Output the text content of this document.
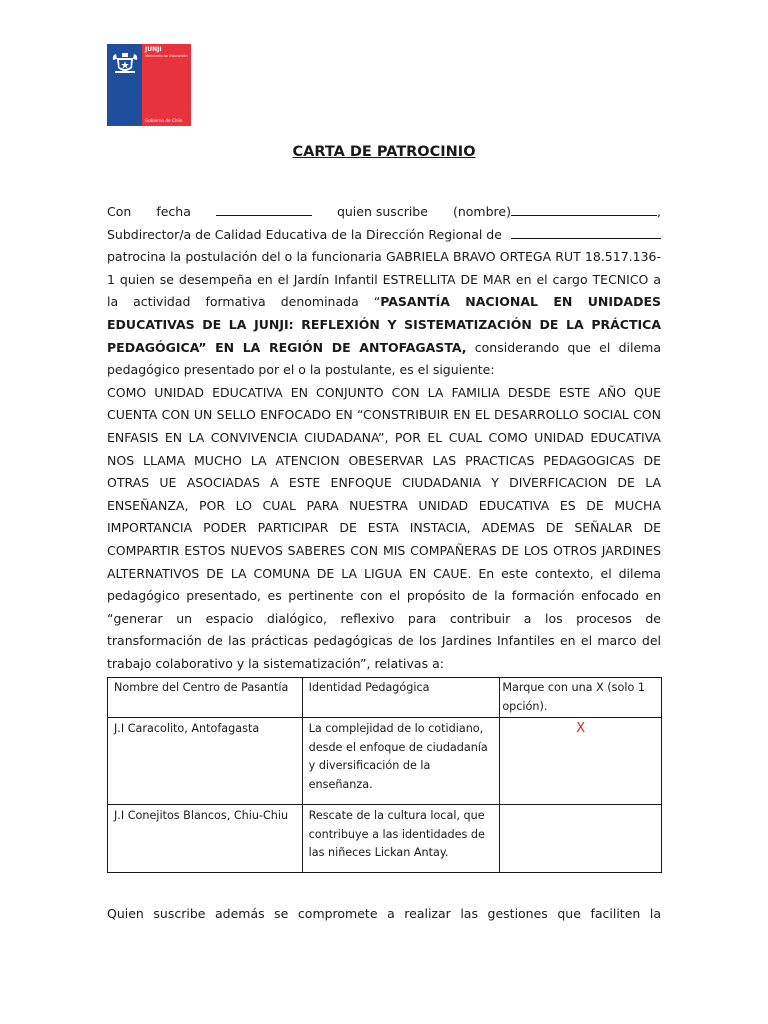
JUNJI
Ministerio de Educación
Gobierno de Chile
CARTA DE PATROCINIO

Con fecha	quien suscribe (nombre)	,

Subdirector/a de Calidad Educativa de la Dirección Regional de

patrocina la postulación del o la funcionaria GABRIELA BRAVO ORTEGA RUT 18.517.136-1 quien se desempeña en el Jardín Infantil ESTRELLITA DE MAR en el cargo TECNICO a la actividad formativa denominada “PASANTÍA NACIONAL EN UNIDADES EDUCATIVAS DE LA JUNJI: REFLEXIÓN Y SISTEMATIZACIÓN DE LA PRÁCTICA PEDAGÓGICA” EN LA REGIÓN DE ANTOFAGASTA, considerando que el dilema pedagógico presentado por el o la postulante, es el siguiente:

COMO UNIDAD EDUCATIVA EN CONJUNTO CON LA FAMILIA DESDE ESTE AÑO QUE CUENTA CON UN SELLO ENFOCADO EN “CONSTRIBUIR EN EL DESARROLLO SOCIAL CON ENFASIS EN LA CONVIVENCIA CIUDADANA”, POR EL CUAL COMO UNIDAD EDUCATIVA NOS LLAMA MUCHO LA ATENCION OBESERVAR LAS PRACTICAS PEDAGOGICAS DE OTRAS UE ASOCIADAS A ESTE ENFOQUE CIUDADANIA Y DIVERFICACION DE LA ENSEÑANZA, POR LO CUAL PARA NUESTRA UNIDAD EDUCATIVA ES DE MUCHA IMPORTANCIA PODER PARTICIPAR DE ESTA INSTACIA, ADEMAS DE SEÑALAR DE COMPARTIR ESTOS NUEVOS SABERES CON MIS COMPAÑERAS DE LOS OTROS JARDINES ALTERNATIVOS DE LA COMUNA DE LA LIGUA EN CAUE. En este contexto, el dilema pedagógico presentado, es pertinente con el propósito de la formación enfocado en “generar un espacio dialógico, reflexivo para contribuir a los procesos de transformación de las prácticas pedagógicas de los Jardines Infantiles en el marco del trabajo colaborativo y la sistematización”, relativas a:

Nombre del Centro de Pasantía	Identidad Pedagógica	Marque con una X (solo 1 opción).
J.I Caracolito, Antofagasta	La complejidad de lo cotidiano, desde el enfoque de ciudadanía y diversificación de la enseñanza.	X
J.I Conejitos Blancos, Chiu-Chiu	Rescate de la cultura local, que contribuye a las identidades de las niñeces Lickan Antay.	

Quien suscribe además se compromete a realizar las gestiones que faciliten la
